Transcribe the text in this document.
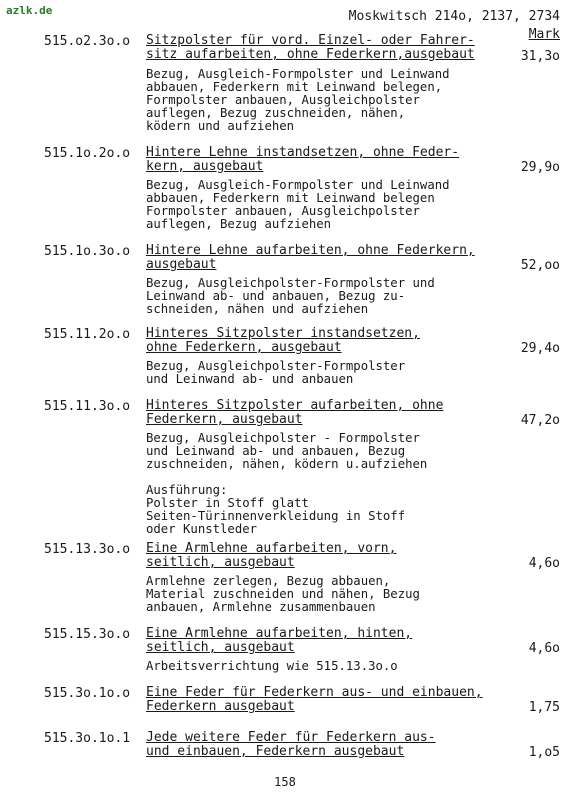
azlk.de	Moskwitsch 214o, 2137, 2734
Mark
515.o2.3o.o Sitzpolster für vord. Einzel- oder Fahrer-
sitz aufarbeiten, ohne Federkern,ausgebaut	31,3o
Bezug, Ausgleich-Formpolster und Leinwand
abbauen, Federkern mit Leinwand belegen,
Formpolster anbauen, Ausgleichpolster
auflegen, Bezug zuschneiden, nähen,
ködern und aufziehen
515.1o.2o.o Hintere Lehne instandsetzen, ohne Feder-
kern, ausgebaut	29,9o
Bezug, Ausgleich-Formpolster und Leinwand
abbauen, Federkern mit Leinwand belegen
Formpolster anbauen, Ausgleichpolster
auflegen, Bezug aufziehen
515.1o.3o.o Hintere Lehne aufarbeiten, ohne Federkern,
ausgebaut	52,oo
Bezug, Ausgleichpolster-Formpolster und
Leinwand ab- und anbauen, Bezug zu-
schneiden, nähen und aufziehen
515.11.2o.o Hinteres Sitzpolster instandsetzen,
ohne Federkern, ausgebaut	29,4o
Bezug, Ausgleichpolster-Formpolster
und Leinwand ab- und anbauen
515.11.3o.o Hinteres Sitzpolster aufarbeiten, ohne
Federkern, ausgebaut	47,2o
Bezug, Ausgleichpolster - Formpolster
und Leinwand ab- und anbauen, Bezug
zuschneiden, nähen, ködern u.aufziehen

Ausführung:
Polster in Stoff glatt
Seiten-Türinnenverkleidung in Stoff
oder Kunstleder
515.13.3o.o Eine Armlehne aufarbeiten, vorn,
seitlich, ausgebaut	4,6o
Armlehne zerlegen, Bezug abbauen,
Material zuschneiden und nähen, Bezug
anbauen, Armlehne zusammenbauen
515.15.3o.o Eine Armlehne aufarbeiten, hinten,
seitlich, ausgebaut	4,6o
Arbeitsverrichtung wie 515.13.3o.o
515.3o.1o.o Eine Feder für Federkern aus- und einbauen,
Federkern ausgebaut	1,75
515.3o.1o.1 Jede weitere Feder für Federkern aus-
und einbauen, Federkern ausgebaut	1,o5
158
